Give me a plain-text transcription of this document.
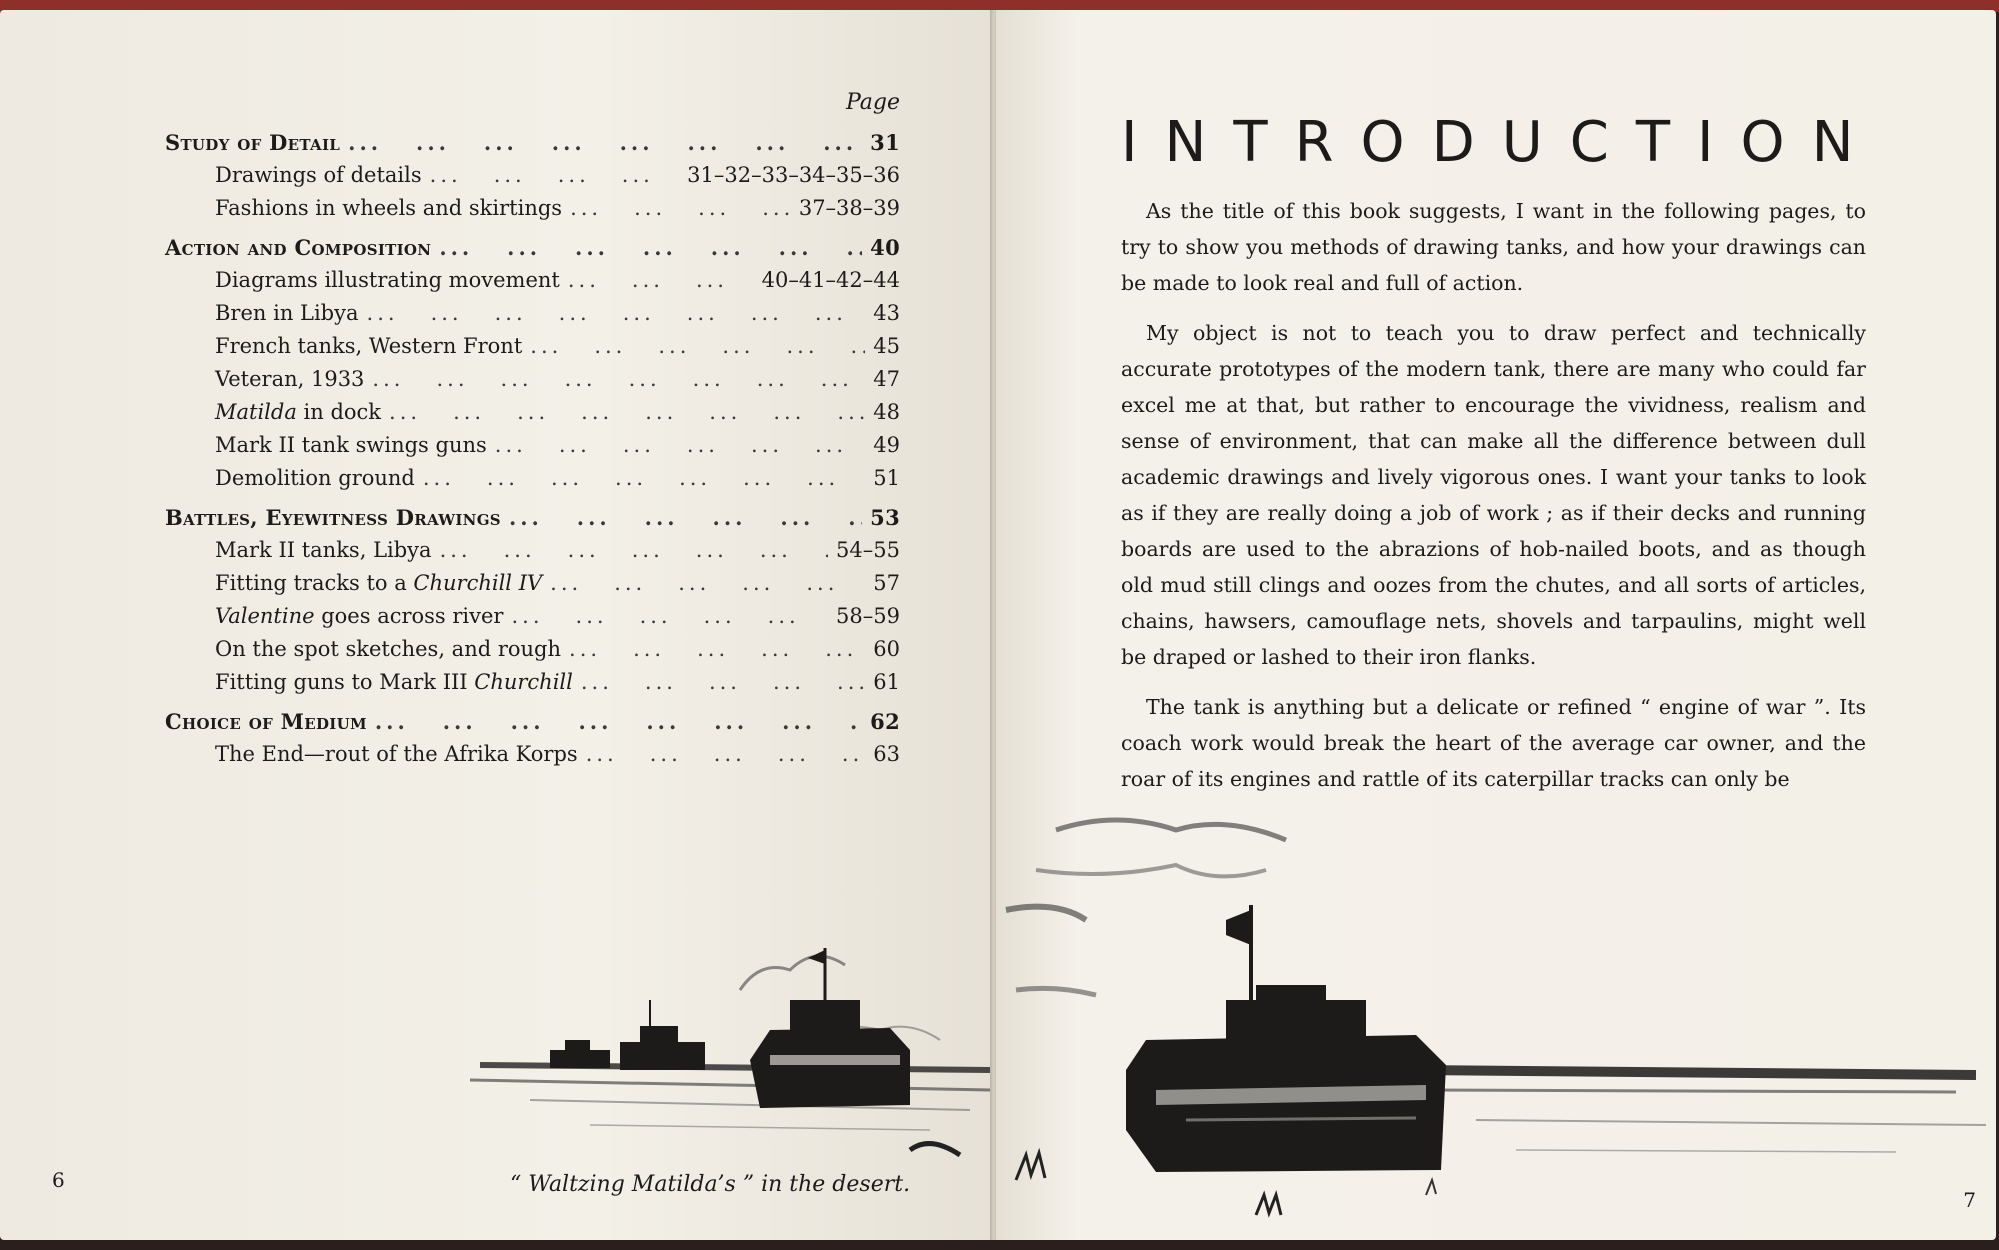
Page
Study of Detail ...	31
Drawings of details ...	31–32–33–34–35–36
Fashions in wheels and skirtings ...	37–38–39
Action and Composition ...	40
Diagrams illustrating movement ...	40–41–42–44
Bren in Libya ...	43
French tanks, Western Front ...	45
Veteran, 1933 ...	47
Matilda in dock ...	48
Mark II tank swings guns ...	49
Demolition ground ...	51
Battles, Eyewitness Drawings ...	53
Mark II tanks, Libya ...	54–55
Fitting tracks to a Churchill IV ...	57
Valentine goes across river ...	58–59
On the spot sketches, and rough ...	60
Fitting guns to Mark III Churchill ...	61
Choice of Medium ...	62
The End—rout of the Afrika Korps ...	63
“ Waltzing Matilda’s ” in the desert.
6
INTRODUCTION

As the title of this book suggests, I want in the following pages, to try to show you methods of drawing tanks, and how your drawings can be made to look real and full of action.

My object is not to teach you to draw perfect and technically accurate prototypes of the modern tank, there are many who could far excel me at that, but rather to encourage the vividness, realism and sense of environment, that can make all the difference between dull academic drawings and lively vigorous ones. I want your tanks to look as if they are really doing a job of work ; as if their decks and running boards are used to the abrazions of hob-nailed boots, and as though old mud still clings and oozes from the chutes, and all sorts of articles, chains, hawsers, camouflage nets, shovels and tarpaulins, might well be draped or lashed to their iron flanks.

The tank is anything but a delicate or refined “ engine of war ”. Its coach work would break the heart of the average car owner, and the roar of its engines and rattle of its caterpillar tracks can only be

7
